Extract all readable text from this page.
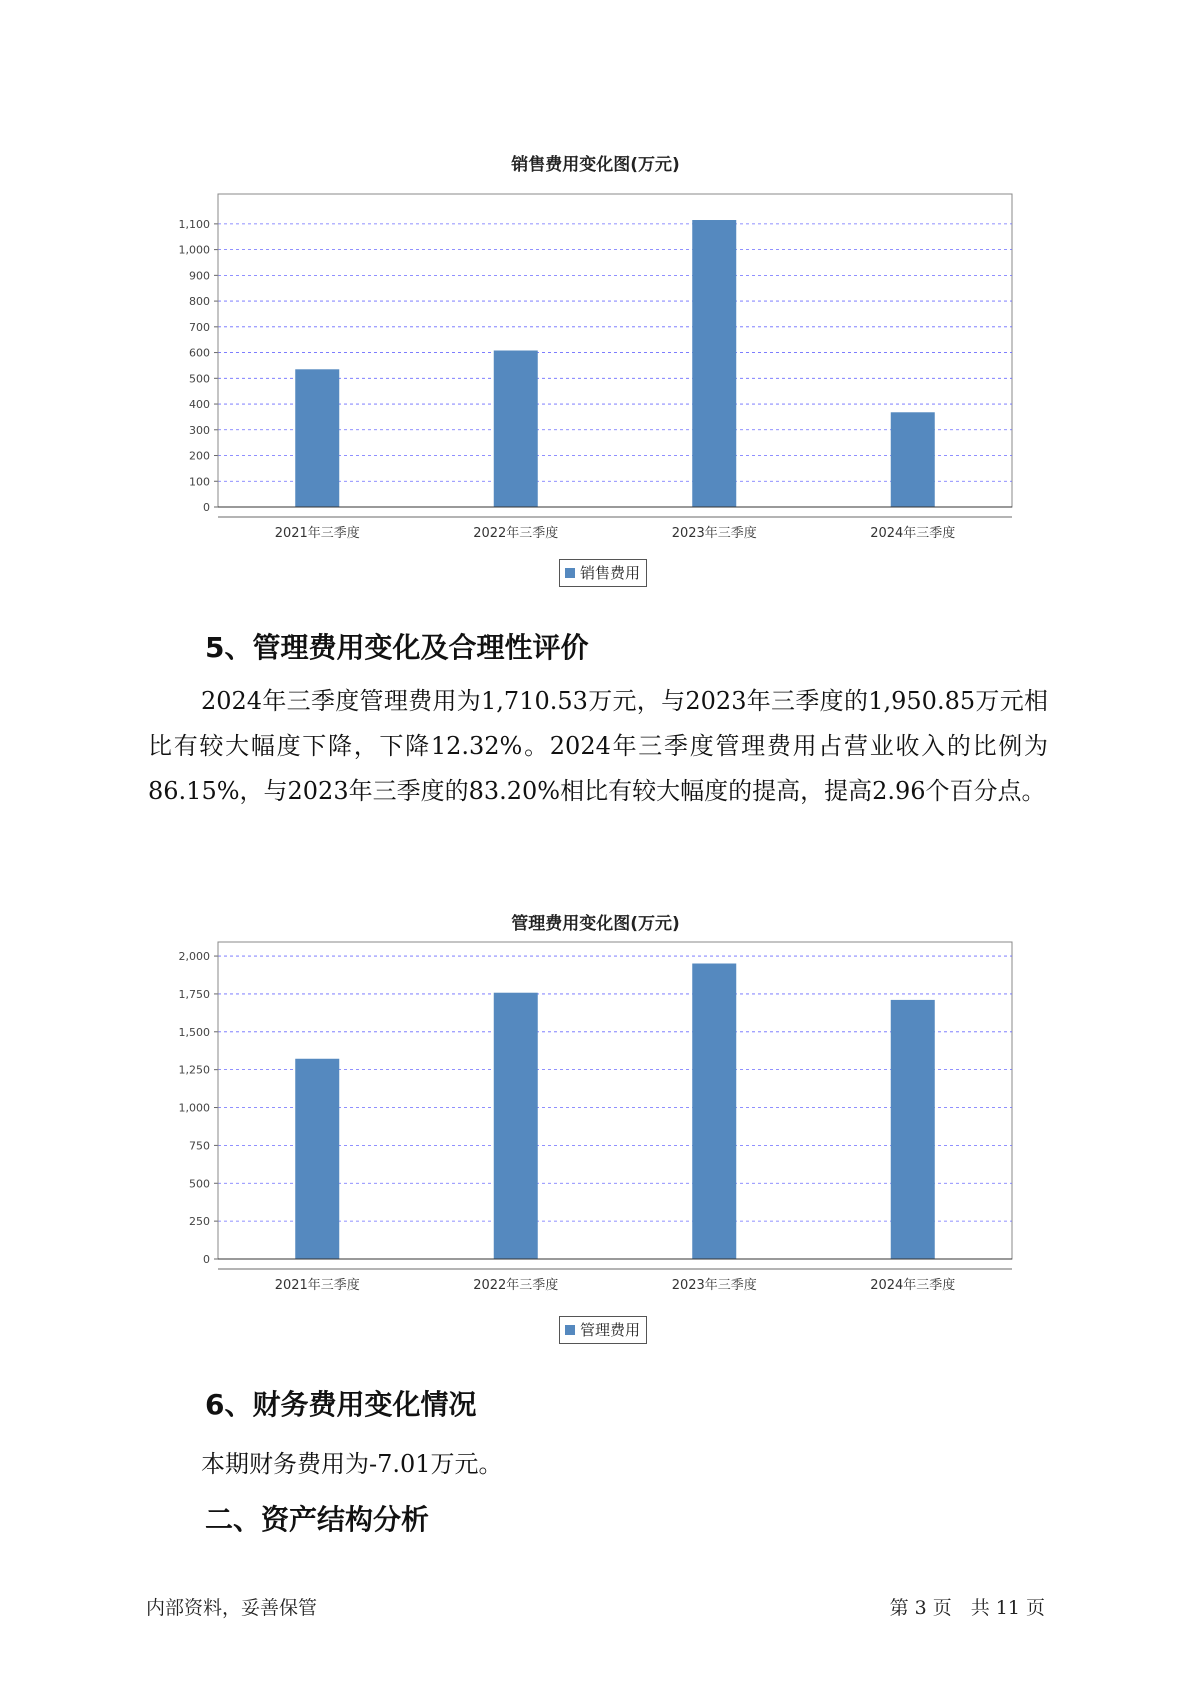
销售费用变化图(万元)
0
100
200
300
400
500
600
700
800
900
1,000
1,100
2021年三季度	2022年三季度	2023年三季度	2024年三季度
销售费用
5、管理费用变化及合理性评价

2024年三季度管理费用为1,710.53万元，与2023年三季度的1,950.85万元相比有较大幅度下降，下降12.32%。2024年三季度管理费用占营业收入的比例为86.15%，与2023年三季度的83.20%相比有较大幅度的提高，提高2.96个百分点。

管理费用变化图(万元)
0
250
500
750
1,000
1,250
1,500
1,750
2,000
2021年三季度	2022年三季度	2023年三季度	2024年三季度
管理费用
6、财务费用变化情况

本期财务费用为-7.01万元。

二、资产结构分析
内部资料，妥善保管	第 3 页　共 11 页
